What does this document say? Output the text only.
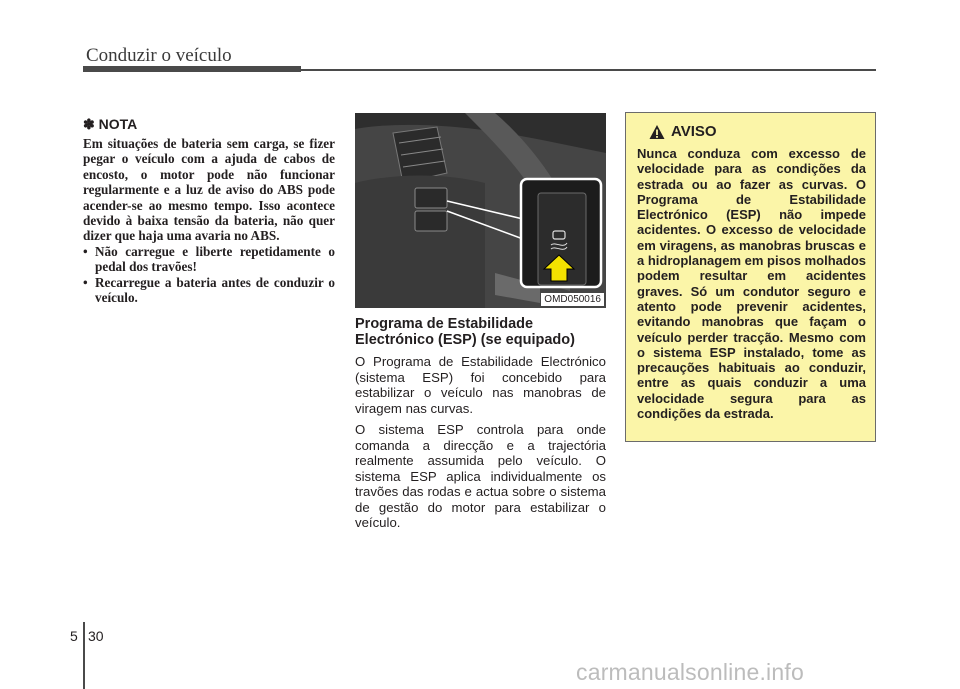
Conduzir o veículo
✽ NOTA

Em situações de bateria sem carga, se fizer pegar o veículo com a ajuda de cabos de encosto, o motor pode não funcionar regularmente e a luz de aviso do ABS pode acender-se ao mesmo tempo. Isso acontece devido à baixa tensão da bateria, não quer dizer que haja uma avaria no ABS.

• Não carregue e liberte repetidamente o pedal dos travões!
• Recarregue a bateria antes de conduzir o veículo.	OMD050016
Programa de Estabilidade
Electrónico (ESP) (se equipado)

O Programa de Estabilidade Electrónico (sistema ESP) foi concebido para estabilizar o veículo nas manobras de viragem nas curvas.

O sistema ESP controla para onde comanda a direcção e a trajectória realmente assumida pelo veículo. O sistema ESP aplica individualmente os travões das rodas e actua sobre o sistema de gestão do motor para estabilizar o veículo.

AVISO

Nunca conduza com excesso de velocidade para as condições da estrada ou ao fazer as curvas. O Programa de Estabilidade Electrónico (ESP) não impede acidentes. O excesso de velocidade em viragens, as manobras bruscas e a hidroplanagem em pisos molhados podem resultar em acidentes graves. Só um condutor seguro e atento pode prevenir acidentes, evitando manobras que façam o veículo perder tracção. Mesmo com o sistema ESP instalado, tome as precauções habituais ao conduzir, entre as quais conduzir a uma velocidade segura para as condições da estrada.

5 30
carmanualsonline.info
